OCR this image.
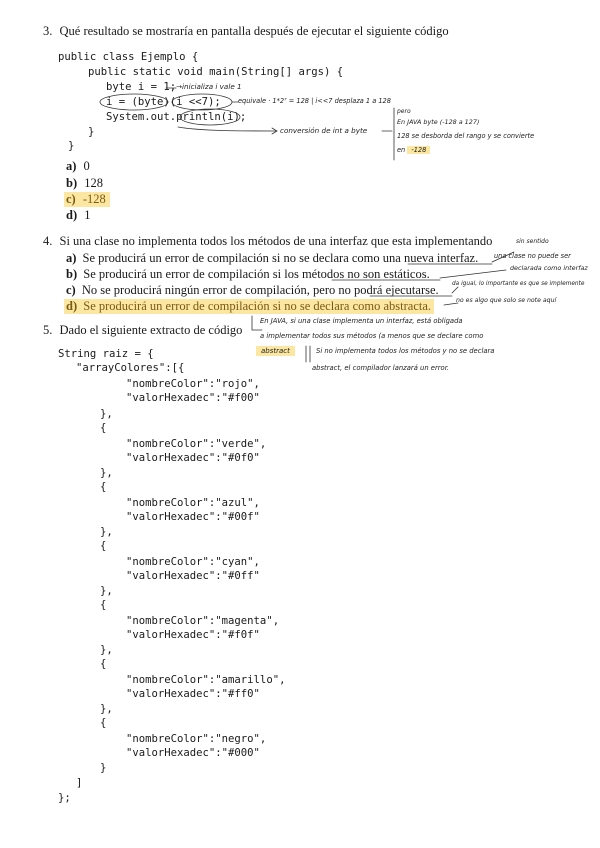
3. Qué resultado se mostraría en pantalla después de ejecutar el siguiente código
public class Ejemplo {
public static void main(String[] args) {
byte i = 1;
i = (byte)(i <<7);
System.out.println(i);
}
}
→inicializa i vale 1
equivale · 1*2⁷ = 128 | i<<7 desplaza 1 a 128
conversión de int a byte
pero
En JAVA byte (-128 a 127)
128 se desborda del rango y se convierte
en -128
a) 0
b) 128
c) -128
d) 1
4. Si una clase no implementa todos los métodos de una interfaz que esta implementando
a) Se producirá un error de compilación si no se declara como una nueva interfaz.
b) Se producirá un error de compilación si los métodos no son estáticos.
c) No se producirá ningún error de compilación, pero no podrá ejecutarse.
d) Se producirá un error de compilación si no se declara como abstracta.
sin sentido
una clase no puede ser
declarada como interfaz
da igual, lo importante es que se implemente
no es algo que solo se note aquí
5. Dado el siguiente extracto de código
En JAVA, si una clase implementa un interfaz, está obligada
a implementar todos sus métodos (a menos que se declare como
abstract	Si no implementa todos los métodos y no se declara
abstract, el compilador lanzará un error.
String raiz = {
"arrayColores":[{
"nombreColor":"rojo",
"valorHexadec":"#f00"
},
{
"nombreColor":"verde",
"valorHexadec":"#0f0"
},
{
"nombreColor":"azul",
"valorHexadec":"#00f"
},
{
"nombreColor":"cyan",
"valorHexadec":"#0ff"
},
{
"nombreColor":"magenta",
"valorHexadec":"#f0f"
},
{
"nombreColor":"amarillo",
"valorHexadec":"#ff0"
},
{
"nombreColor":"negro",
"valorHexadec":"#000"
}
]
};
